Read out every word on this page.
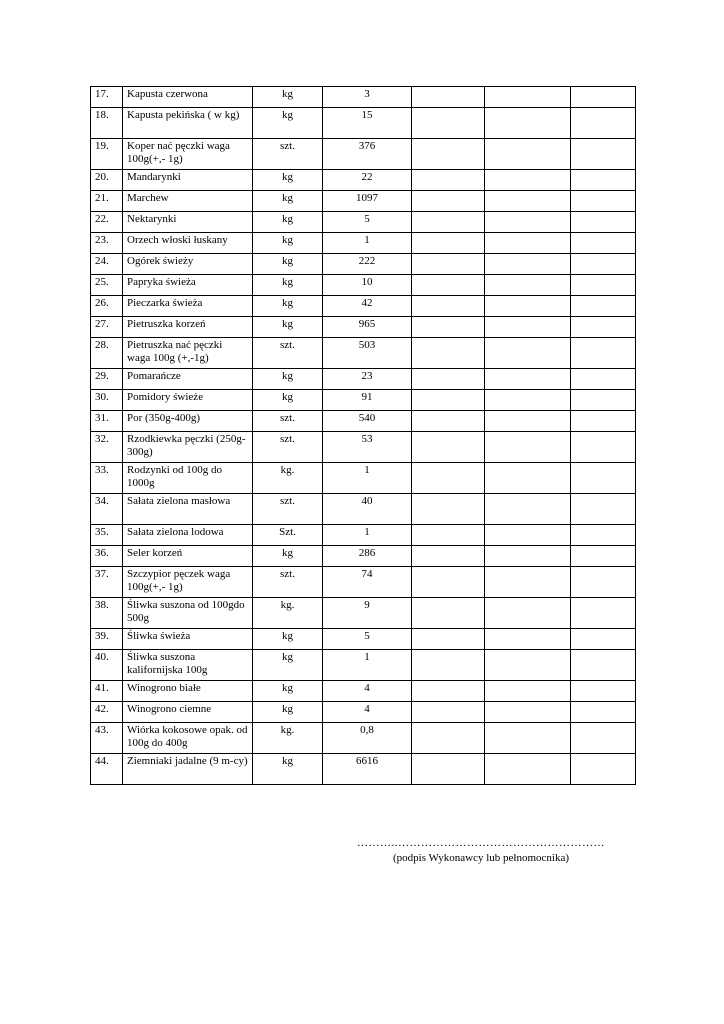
17.	Kapusta czerwona	kg	3			
18.	Kapusta pekińska ( w kg)	kg	15			
19.	Koper nać pęczki waga 100g(+,- 1g)	szt.	376			
20.	Mandarynki	kg	22			
21.	Marchew	kg	1097			
22.	Nektarynki	kg	5			
23.	Orzech włoski łuskany	kg	1			
24.	Ogórek świeży	kg	222			
25.	Papryka świeża	kg	10			
26.	Pieczarka świeża	kg	42			
27.	Pietruszka korzeń	kg	965			
28.	Pietruszka nać pęczki waga 100g (+,-1g)	szt.	503			
29.	Pomarańcze	kg	23			
30.	Pomidory świeże	kg	91			
31.	Por (350g-400g)	szt.	540			
32.	Rzodkiewka pęczki (250g-300g)	szt.	53			
33.	Rodzynki od 100g do 1000g	kg.	1			
34.	Sałata zielona masłowa	szt.	40			
35.	Sałata zielona lodowa	Szt.	1			
36.	Seler korzeń	kg	286			
37.	Szczypior pęczek waga 100g(+,- 1g)	szt.	74			
38.	Śliwka suszona od 100gdo 500g	kg.	9			
39.	Śliwka świeża	kg	5			
40.	Śliwka suszona kalifornijska 100g	kg	1			
41.	Winogrono białe	kg	4			
42.	Winogrono ciemne	kg	4			
43.	Wiórka kokosowe opak. od 100g do 400g	kg.	0,8			
44.	Ziemniaki jadalne (9 m-cy)	kg	6616			
………..………………………………………………
(podpis Wykonawcy lub pełnomocnika)
